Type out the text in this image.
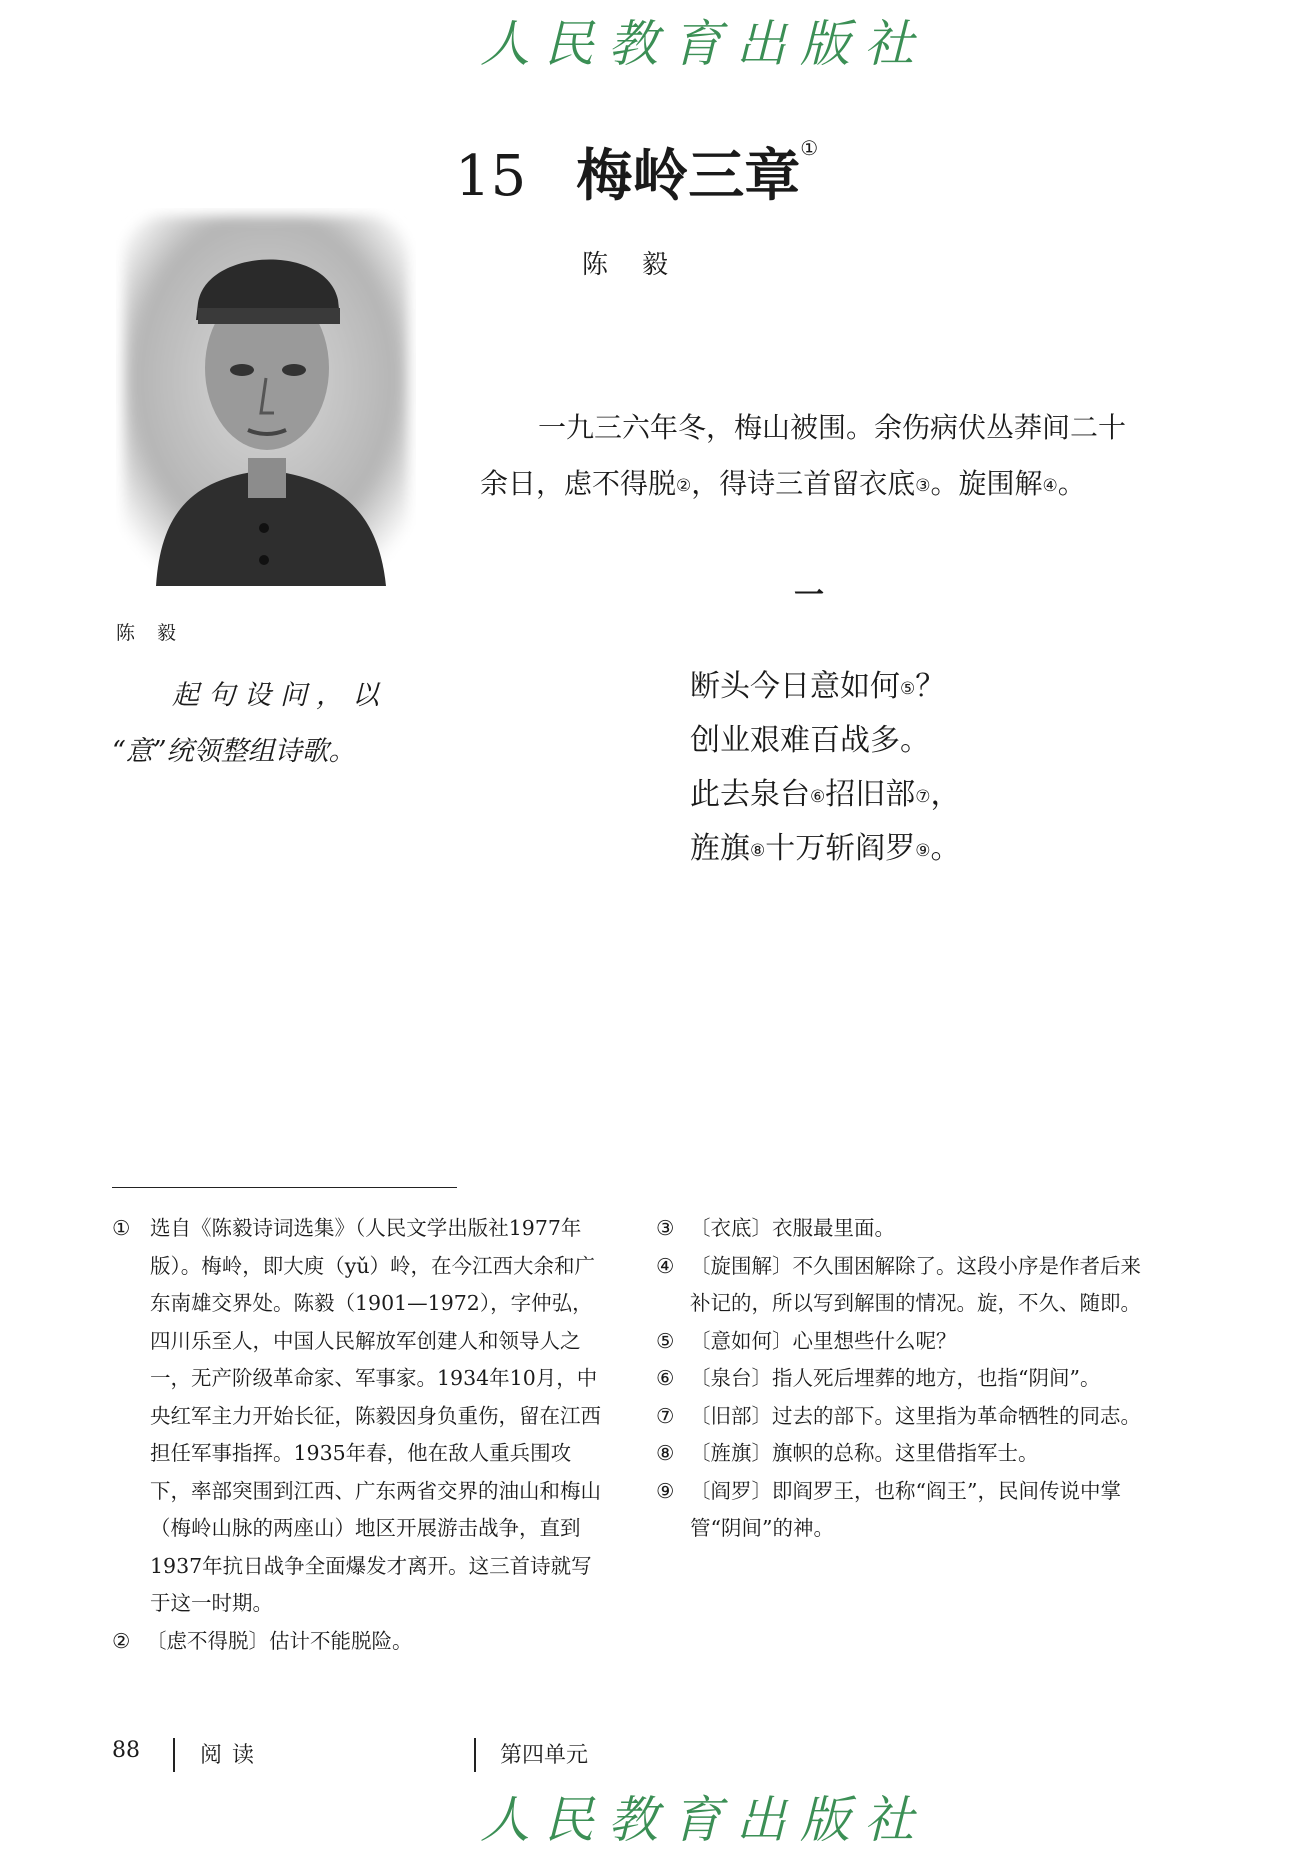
人民教育出版社
15 梅岭三章①
陈毅
陈毅
一九三六年冬，梅山被围。余伤病伏丛莽间二十
余日，虑不得脱②，得诗三首留衣底③。旋围解④。
一
起句设问，以
“意”统领整组诗歌。
断头今日意如何⑤？
创业艰难百战多。
此去泉台⑥招旧部⑦，
旌旗⑧十万斩阎罗⑨。
① 选自《陈毅诗词选集》（人民文学出版社1977年版）。梅岭，即大庾（yǔ）岭，在今江西大余和广东南雄交界处。陈毅（1901—1972），字仲弘，四川乐至人，中国人民解放军创建人和领导人之一，无产阶级革命家、军事家。1934年10月，中央红军主力开始长征，陈毅因身负重伤，留在江西担任军事指挥。1935年春，他在敌人重兵围攻下，率部突围到江西、广东两省交界的油山和梅山（梅岭山脉的两座山）地区开展游击战争，直到1937年抗日战争全面爆发才离开。这三首诗就写于这一时期。
② 〔虑不得脱〕估计不能脱险。
③ 〔衣底〕衣服最里面。
④ 〔旋围解〕不久围困解除了。这段小序是作者后来补记的，所以写到解围的情况。旋，不久、随即。
⑤ 〔意如何〕心里想些什么呢？
⑥ 〔泉台〕指人死后埋葬的地方，也指“阴间”。
⑦ 〔旧部〕过去的部下。这里指为革命牺牲的同志。
⑧ 〔旌旗〕旗帜的总称。这里借指军士。
⑨ 〔阎罗〕即阎罗王，也称“阎王”，民间传说中掌管“阴间”的神。
88	阅读	第四单元
人民教育出版社
